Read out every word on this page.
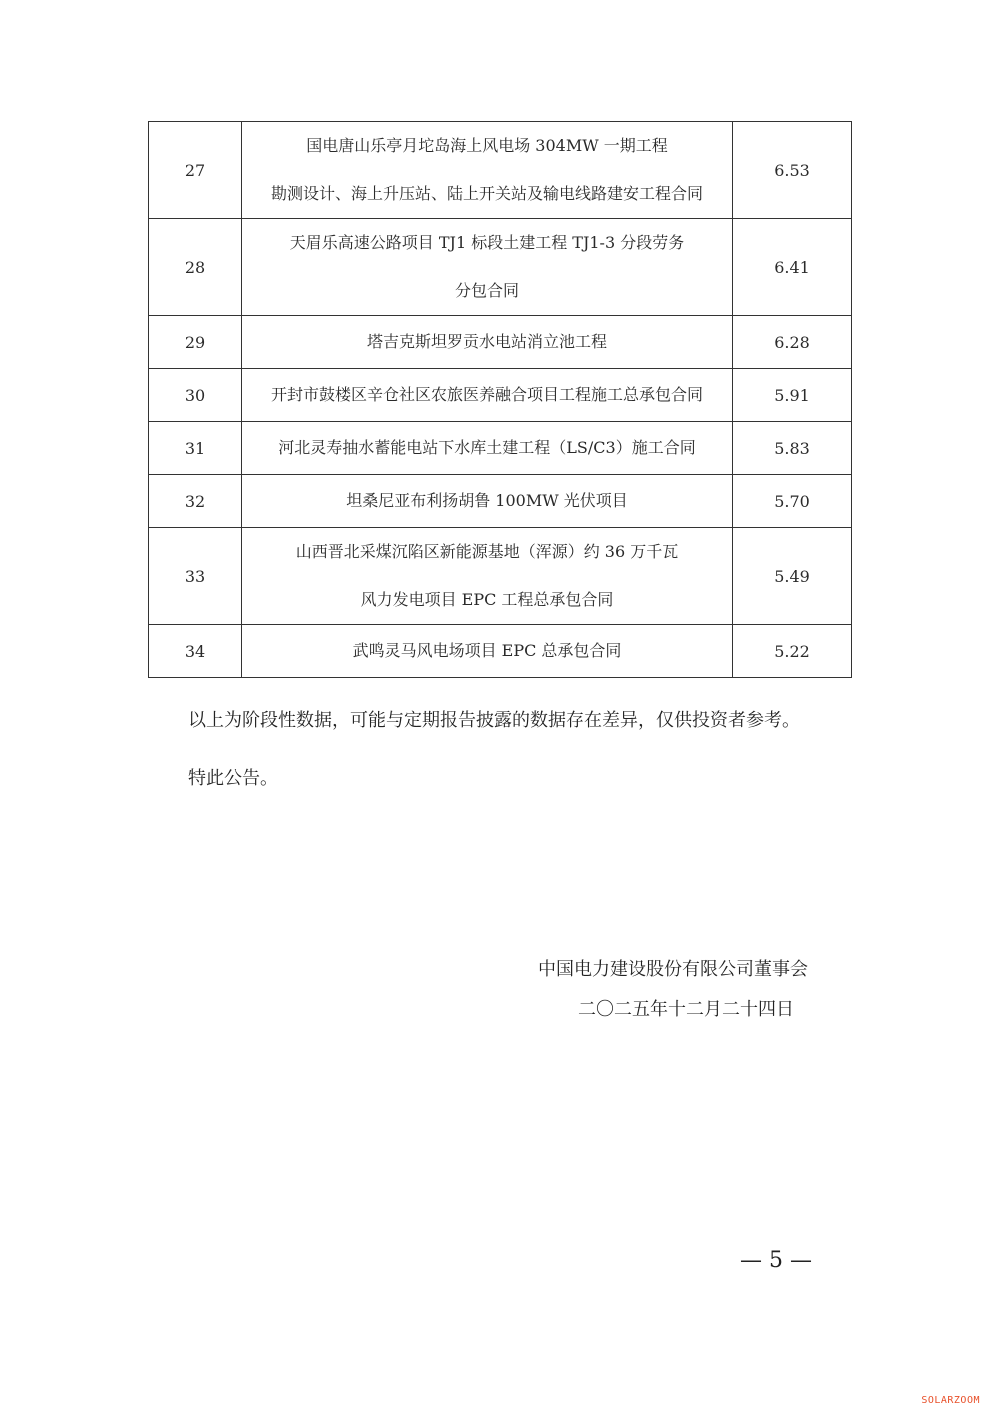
27	国电唐山乐亭月坨岛海上风电场 304MW 一期工程
勘测设计、海上升压站、陆上开关站及输电线路建安工程合同	6.53
28	天眉乐高速公路项目 TJ1 标段土建工程 TJ1-3 分段劳务
分包合同	6.41
29	塔吉克斯坦罗贡水电站消立池工程	6.28
30	开封市鼓楼区辛仓社区农旅医养融合项目工程施工总承包合同	5.91
31	河北灵寿抽水蓄能电站下水库土建工程（LS/C3）施工合同	5.83
32	坦桑尼亚布利扬胡鲁 100MW 光伏项目	5.70
33	山西晋北采煤沉陷区新能源基地（浑源）约 36 万千瓦
风力发电项目 EPC 工程总承包合同	5.49
34	武鸣灵马风电场项目 EPC 总承包合同	5.22
以上为阶段性数据，可能与定期报告披露的数据存在差异，仅供投资者参考。
特此公告。
中国电力建设股份有限公司董事会
二〇二五年十二月二十四日
— 5 —
SOLARZOOM
